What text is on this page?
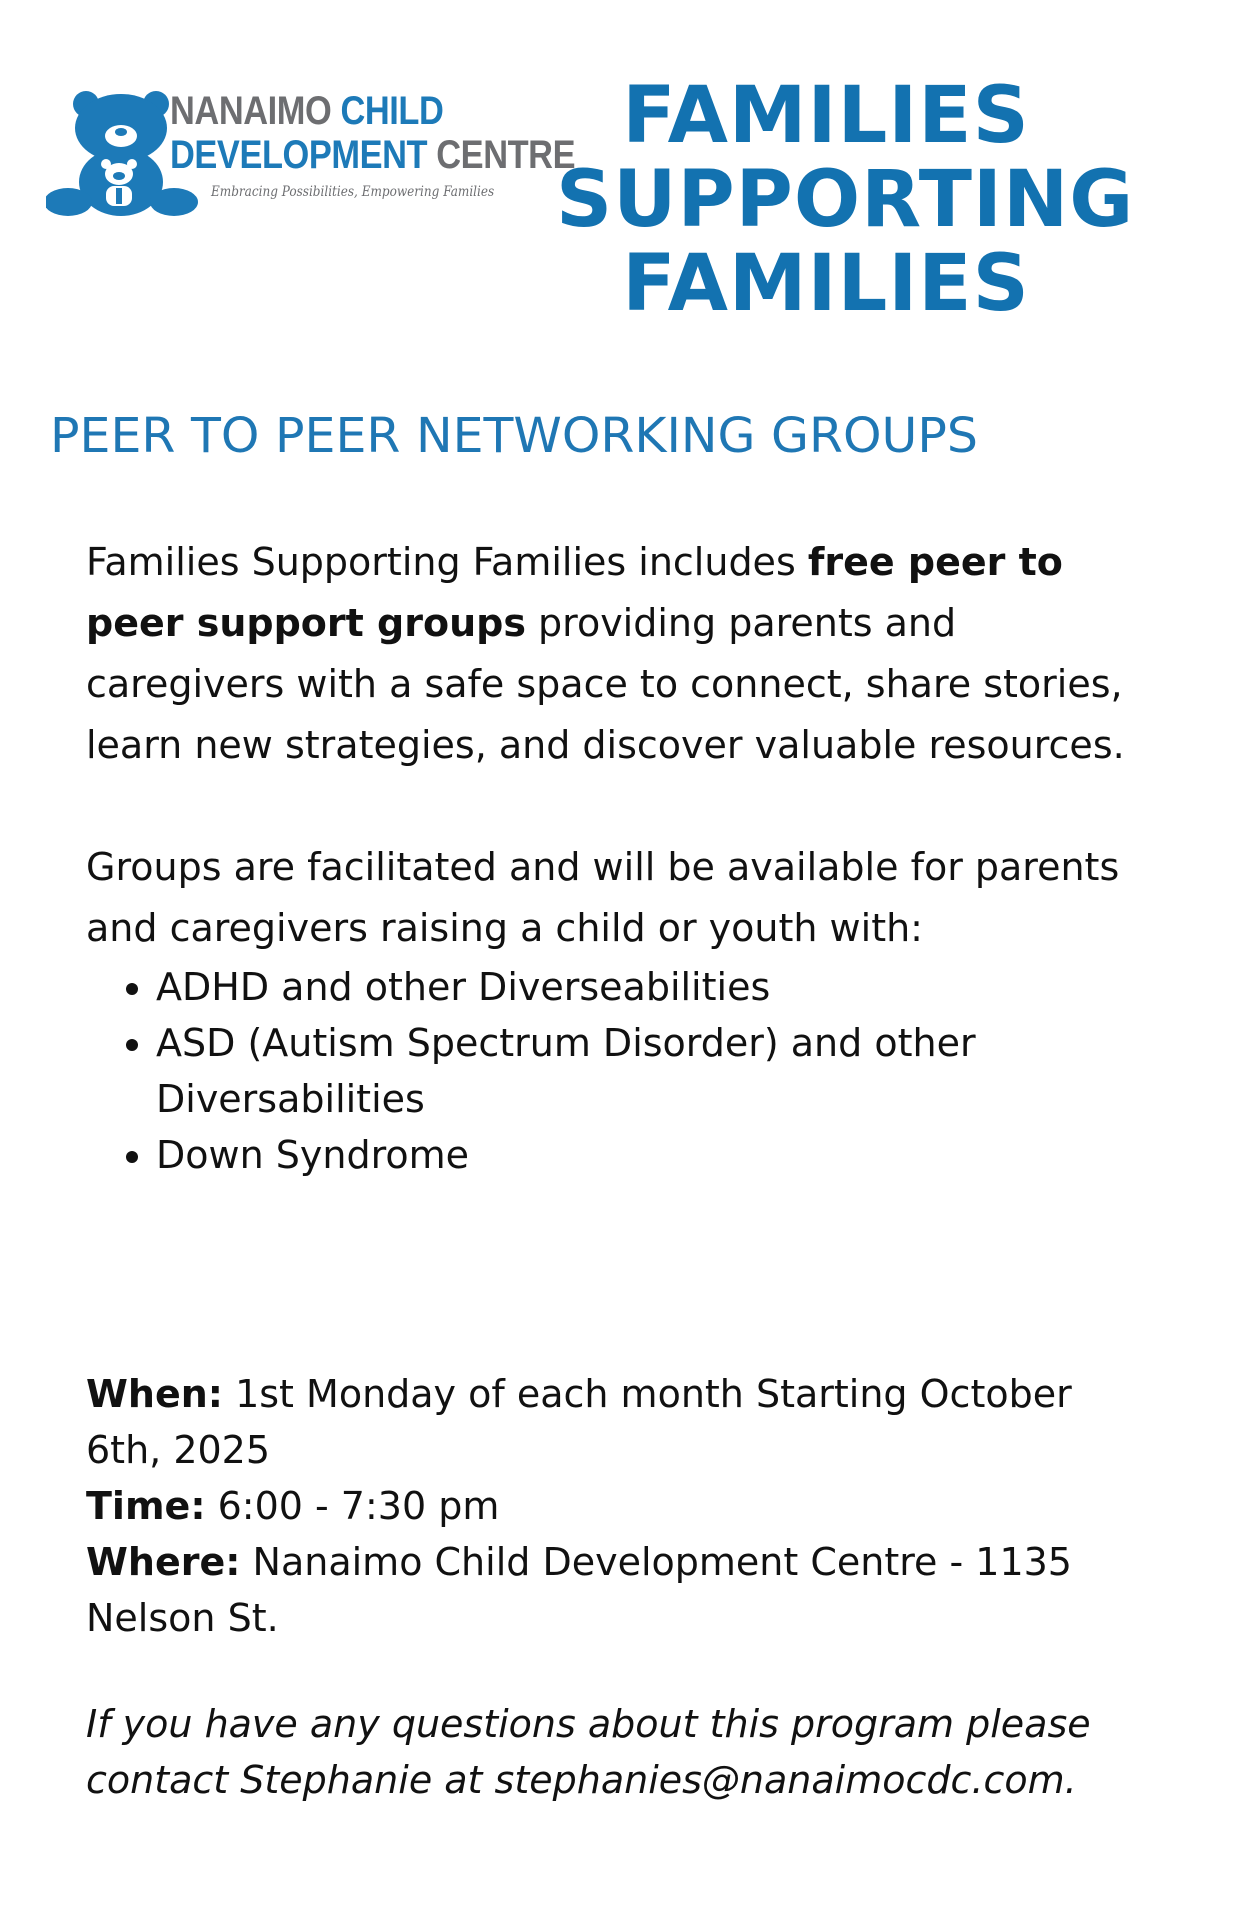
NANAIMO CHILD
DEVELOPMENT CENTRE
Embracing Possibilities, Empowering Families
FAMILIES
SUPPORTING
FAMILIES
PEER TO PEER NETWORKING GROUPS

Families Supporting Families includes free peer to peer support groups providing parents and caregivers with a safe space to connect, share stories, learn new strategies, and discover valuable resources.

Groups are facilitated and will be available for parents and caregivers raising a child or youth with:

• ADHD and other Diverseabilities
• ASD (Autism Spectrum Disorder) and other Diversabilities
• Down Syndrome

When: 1st Monday of each month Starting October 6th, 2025

Time: 6:00 - 7:30 pm

Where: Nanaimo Child Development Centre - 1135 Nelson St.

If you have any questions about this program please contact Stephanie at stephanies@nanaimocdc.com.
